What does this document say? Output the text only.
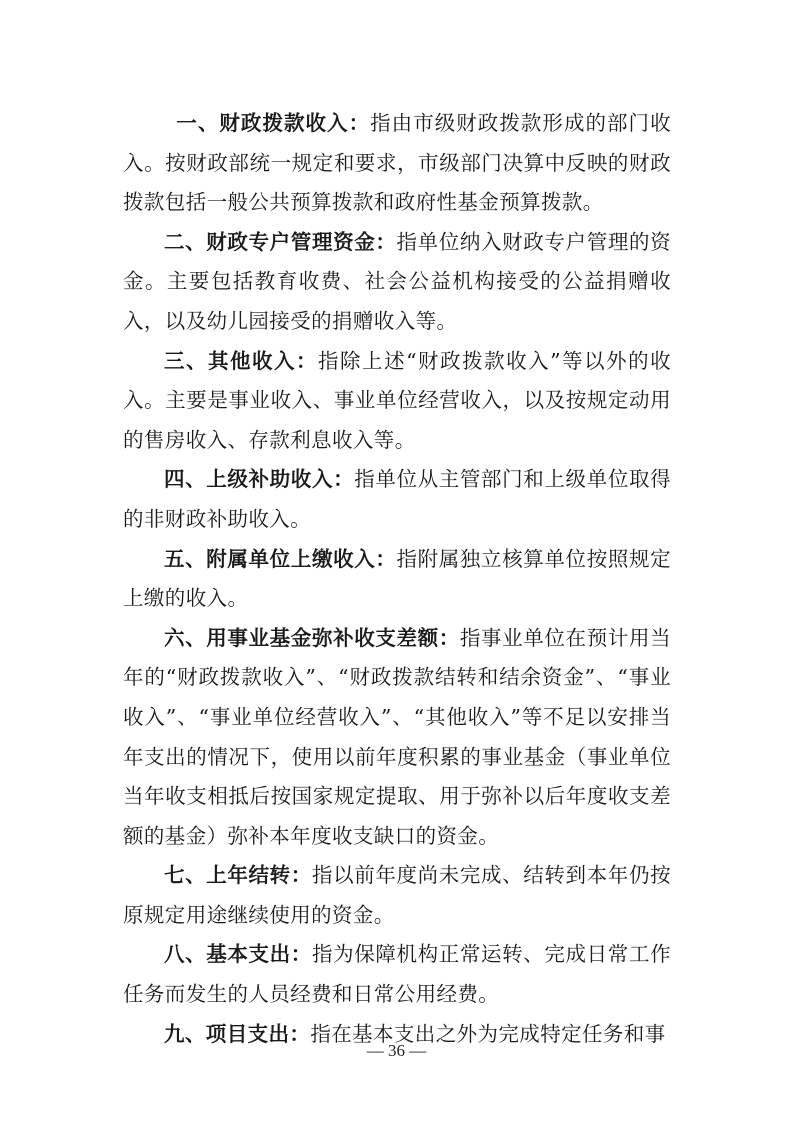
一、财政拨款收入：指由市级财政拨款形成的部门收入。按财政部统一规定和要求，市级部门决算中反映的财政拨款包括一般公共预算拨款和政府性基金预算拨款。

二、财政专户管理资金：指单位纳入财政专户管理的资金。主要包括教育收费、社会公益机构接受的公益捐赠收入，以及幼儿园接受的捐赠收入等。

三、其他收入：指除上述“财政拨款收入”等以外的收入。主要是事业收入、事业单位经营收入，以及按规定动用的售房收入、存款利息收入等。

四、上级补助收入：指单位从主管部门和上级单位取得的非财政补助收入。

五、附属单位上缴收入：指附属独立核算单位按照规定上缴的收入。

六、用事业基金弥补收支差额：指事业单位在预计用当年的“财政拨款收入”、“财政拨款结转和结余资金”、“事业收入”、“事业单位经营收入”、“其他收入”等不足以安排当年支出的情况下，使用以前年度积累的事业基金（事业单位当年收支相抵后按国家规定提取、用于弥补以后年度收支差额的基金）弥补本年度收支缺口的资金。

七、上年结转：指以前年度尚未完成、结转到本年仍按原规定用途继续使用的资金。

八、基本支出：指为保障机构正常运转、完成日常工作任务而发生的人员经费和日常公用经费。

九、项目支出：指在基本支出之外为完成特定任务和事

— 36 —
